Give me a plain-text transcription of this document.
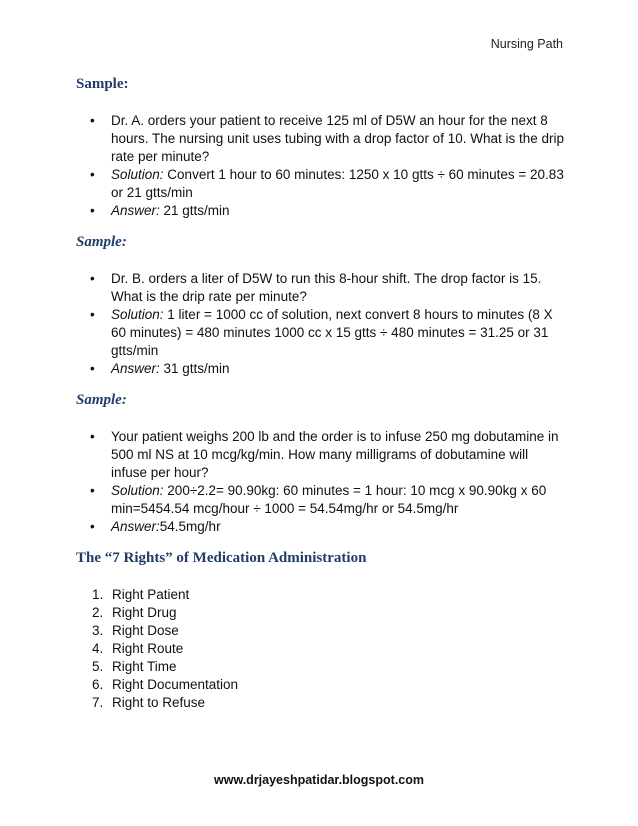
Nursing Path
Sample:
• Dr. A. orders your patient to receive 125 ml of D5W an hour for the next 8 hours. The nursing unit uses tubing with a drop factor of 10. What is the drip rate per minute?
• Solution: Convert 1 hour to 60 minutes: 1250 x 10 gtts ÷ 60 minutes = 20.83 or 21 gtts/min
• Answer: 21 gtts/min
Sample:
• Dr. B. orders a liter of D5W to run this 8-hour shift. The drop factor is 15. What is the drip rate per minute?
• Solution: 1 liter = 1000 cc of solution, next convert 8 hours to minutes (8 X 60 minutes) = 480 minutes 1000 cc x 15 gtts ÷ 480 minutes = 31.25 or 31 gtts/min
• Answer: 31 gtts/min
Sample:
• Your patient weighs 200 lb and the order is to infuse 250 mg dobutamine in 500 ml NS at 10 mcg/kg/min. How many milligrams of dobutamine will infuse per hour?
• Solution: 200÷2.2= 90.90kg: 60 minutes = 1 hour: 10 mcg x 90.90kg x 60 min=5454.54 mcg/hour ÷ 1000 = 54.54mg/hr or 54.5mg/hr
• Answer:54.5mg/hr
The “7 Rights” of Medication Administration
1. Right Patient
2. Right Drug
3. Right Dose
4. Right Route
5. Right Time
6. Right Documentation
7. Right to Refuse
www.drjayeshpatidar.blogspot.com
